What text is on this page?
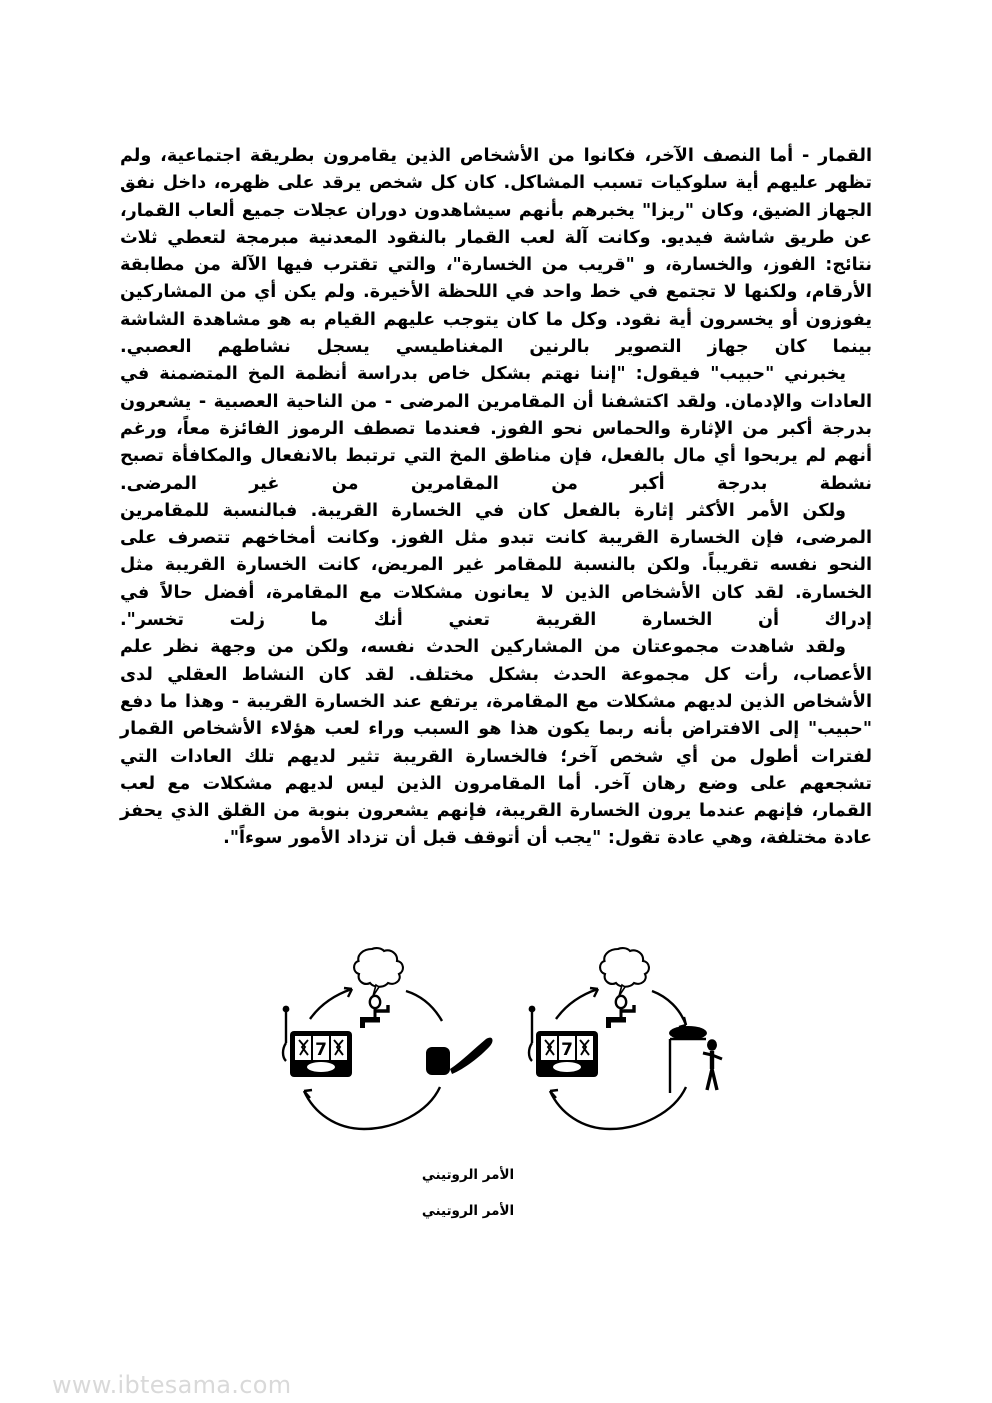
القمار - أما النصف الآخر، فكانوا من الأشخاص الذين يقامرون بطريقة اجتماعية، ولم تظهر عليهم أية سلوكيات تسبب المشاكل. كان كل شخص يرقد على ظهره، داخل نفق الجهاز الضيق، وكان "ريزا" يخبرهم بأنهم سيشاهدون دوران عجلات جميع ألعاب القمار، عن طريق شاشة فيديو. وكانت آلة لعب القمار بالنقود المعدنية مبرمجة لتعطي ثلاث نتائج: الفوز، والخسارة، و "قريب من الخسارة"، والتي تقترب فيها الآلة من مطابقة الأرقام، ولكنها لا تجتمع في خط واحد في اللحظة الأخيرة. ولم يكن أي من المشاركين يفوزون أو يخسرون أية نقود. وكل ما كان يتوجب عليهم القيام به هو مشاهدة الشاشة بينما كان جهاز التصوير بالرنين المغناطيسي يسجل نشاطهم العصبي.

يخبرني "حبيب" فيقول: "إننا نهتم بشكل خاص بدراسة أنظمة المخ المتضمنة في العادات والإدمان. ولقد اكتشفنا أن المقامرين المرضى - من الناحية العصبية - يشعرون بدرجة أكبر من الإثارة والحماس نحو الفوز. فعندما تصطف الرموز الفائزة معاً، ورغم أنهم لم يربحوا أي مال بالفعل، فإن مناطق المخ التي ترتبط بالانفعال والمكافأة تصبح نشطة بدرجة أكبر من المقامرين من غير المرضى.

ولكن الأمر الأكثر إثارة بالفعل كان في الخسارة القريبة. فبالنسبة للمقامرين المرضى، فإن الخسارة القريبة كانت تبدو مثل الفوز. وكانت أمخاخهم تتصرف على النحو نفسه تقريباً. ولكن بالنسبة للمقامر غير المريض، كانت الخسارة القريبة مثل الخسارة. لقد كان الأشخاص الذين لا يعانون مشكلات مع المقامرة، أفضل حالاً في إدراك أن الخسارة القريبة تعني أنك ما زلت تخسر".

ولقد شاهدت مجموعتان من المشاركين الحدث نفسه، ولكن من وجهة نظر علم الأعصاب، رأت كل مجموعة الحدث بشكل مختلف. لقد كان النشاط العقلي لدى الأشخاص الذين لديهم مشكلات مع المقامرة، يرتفع عند الخسارة القريبة - وهذا ما دفع "حبيب" إلى الافتراض بأنه ربما يكون هذا هو السبب وراء لعب هؤلاء الأشخاص القمار لفترات أطول من أي شخص آخر؛ فالخسارة القريبة تثير لديهم تلك العادات التي تشجعهم على وضع رهان آخر. أما المقامرون الذين ليس لديهم مشكلات مع لعب القمار، فإنهم عندما يرون الخسارة القريبة، فإنهم يشعرون بنوبة من القلق الذي يحفز عادة مختلفة، وهي عادة تقول: "يجب أن أتوقف قبل أن تزداد الأمور سوءاً".

7

الأمر الروتيني

الأمر الروتيني

www.ibtesama.com
